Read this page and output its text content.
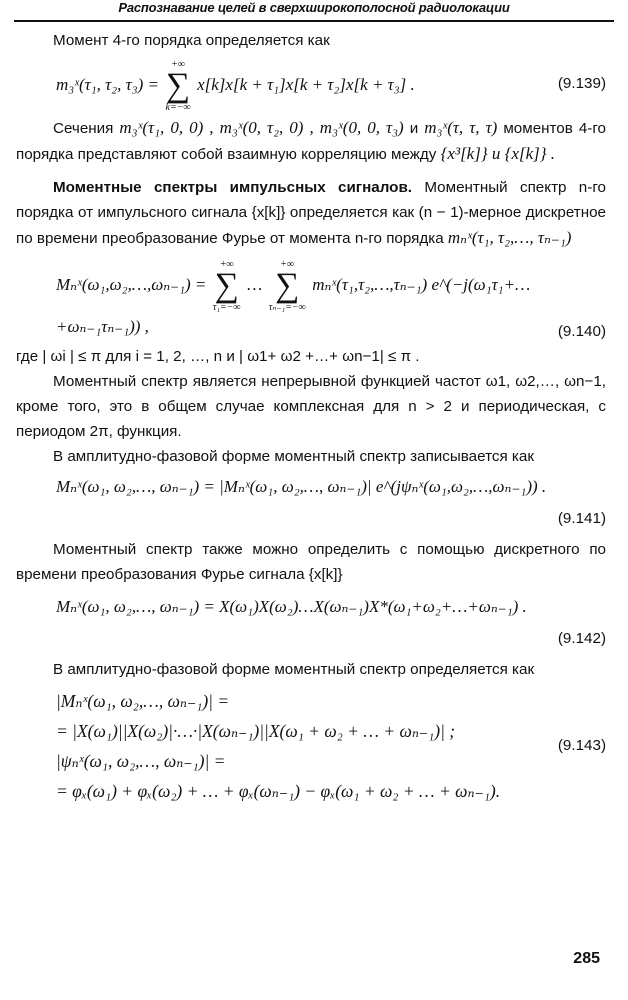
Распознавание целей в сверхширокополосной радиолокации

Момент 4-го порядка определяется как

m₃ˣ(τ₁, τ₂, τ₃) =
+∞
∑
k=−∞
x[k]x[k + τ₁]x[k + τ₂]x[k + τ₃] .	(9.139)

Сечения m₃ˣ(τ₁, 0, 0) , m₃ˣ(0, τ₂, 0) , m₃ˣ(0, 0, τ₃) и m₃ˣ(τ, τ, τ) моментов 4-го порядка представляют собой взаимную корреляцию между {x³[k]} и {x[k]} .

Моментные спектры импульсных сигналов. Моментный спектр n-го порядка от импульсного сигнала {x[k]} определяется как (n − 1)-мерное дискретное по времени преобразование Фурье от момента n-го порядка mₙˣ(τ₁, τ₂,…, τₙ₋₁)

Mₙˣ(ω₁,ω₂,…,ωₙ₋₁) =
+∞
∑
τ₁=−∞
…
+∞
∑
τₙ₋₁=−∞
mₙˣ(τ₁,τ₂,…,τₙ₋₁) e^(−j(ω₁τ₁+…+ωₙ₋₁τₙ₋₁)) ,	(9.140)

где | ωi | ≤ π для i = 1, 2, …, n и | ω1+ ω2 +…+ ωn−1| ≤ π .

Моментный спектр является непрерывной функцией частот ω1, ω2,…, ωn−1, кроме того, это в общем случае комплексная для n > 2 и периодическая, с периодом 2π, функция.

В амплитудно-фазовой форме моментный спектр записывается как

Mₙˣ(ω₁, ω₂,…, ωₙ₋₁) = |Mₙˣ(ω₁, ω₂,…, ωₙ₋₁)| e^(jψₙˣ(ω₁,ω₂,…,ωₙ₋₁)) .
(9.141)

Моментный спектр также можно определить с помощью дискретного по времени преобразования Фурье сигнала {x[k]}

Mₙˣ(ω₁, ω₂,…, ωₙ₋₁) = X(ω₁)X(ω₂)…X(ωₙ₋₁)X*(ω₁+ω₂+…+ωₙ₋₁) .
(9.142)

В амплитудно-фазовой форме моментный спектр определяется как

|Mₙˣ(ω₁, ω₂,…, ωₙ₋₁)| =
= |X(ω₁)||X(ω₂)|·…·|X(ωₙ₋₁)||X(ω₁ + ω₂ + … + ωₙ₋₁)| ;
|ψₙˣ(ω₁, ω₂,…, ωₙ₋₁)| =
= φₓ(ω₁) + φₓ(ω₂) + … + φₓ(ωₙ₋₁) − φₓ(ω₁ + ω₂ + … + ωₙ₋₁).
(9.143)
285
